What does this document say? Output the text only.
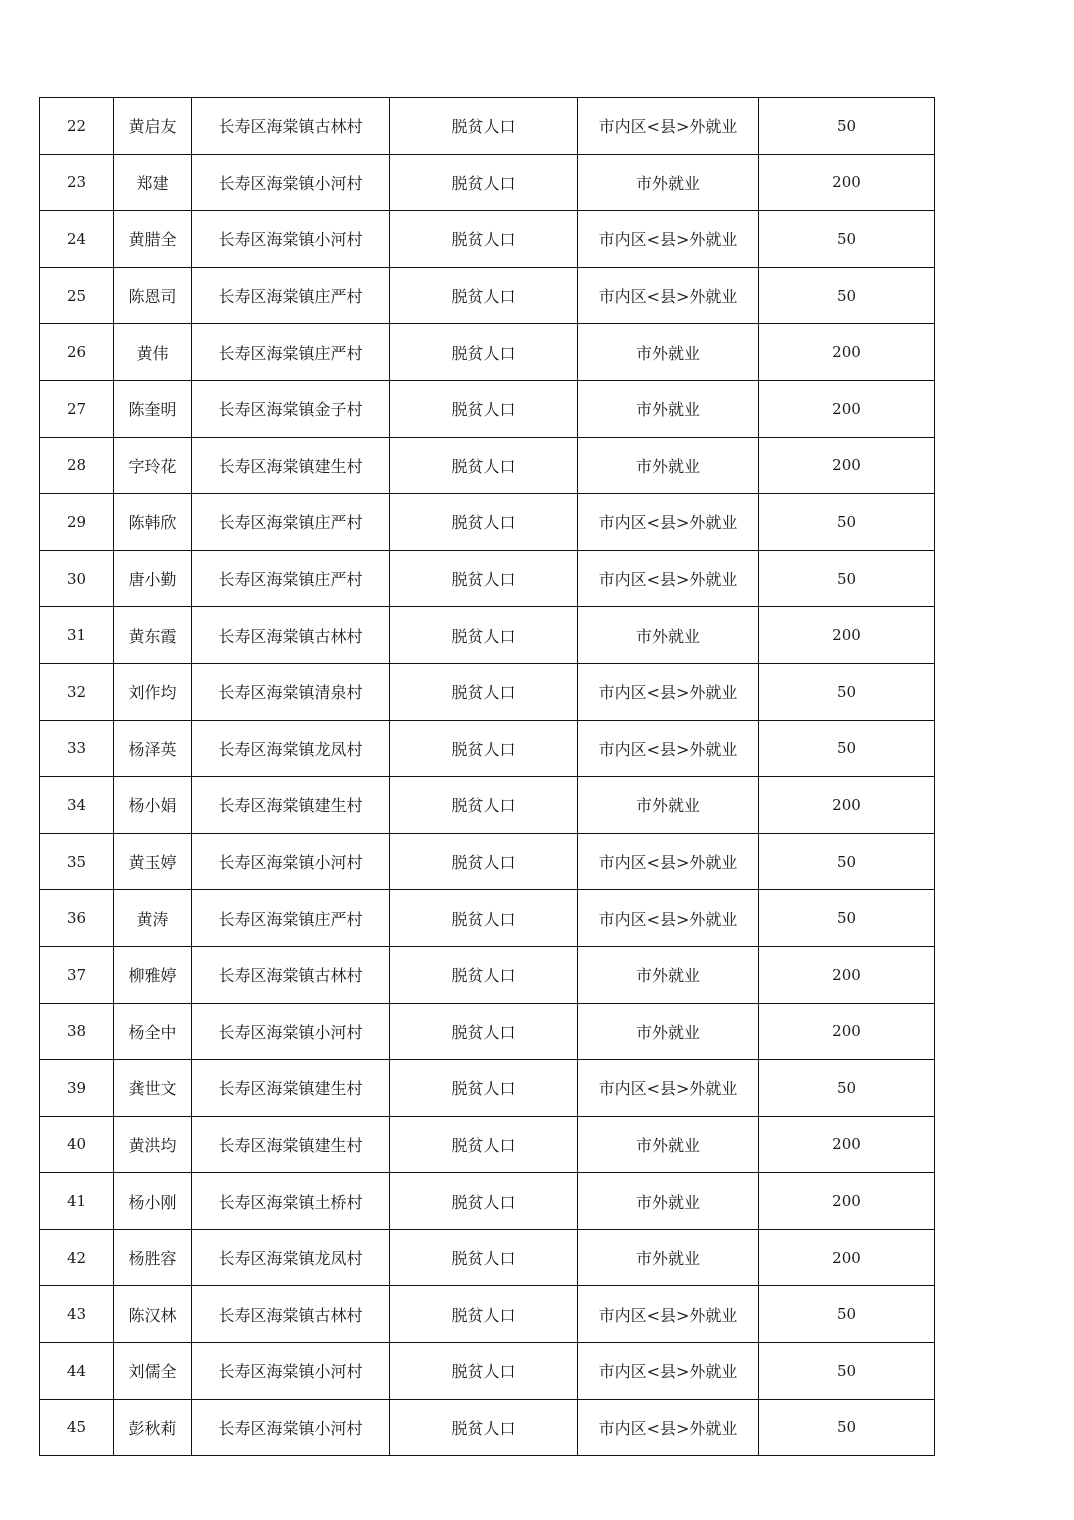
22	黄启友	长寿区海棠镇古林村	脱贫人口	市内区<县>外就业	50
23	郑建	长寿区海棠镇小河村	脱贫人口	市外就业	200
24	黄腊全	长寿区海棠镇小河村	脱贫人口	市内区<县>外就业	50
25	陈恩司	长寿区海棠镇庄严村	脱贫人口	市内区<县>外就业	50
26	黄伟	长寿区海棠镇庄严村	脱贫人口	市外就业	200
27	陈奎明	长寿区海棠镇金子村	脱贫人口	市外就业	200
28	字玲花	长寿区海棠镇建生村	脱贫人口	市外就业	200
29	陈韩欣	长寿区海棠镇庄严村	脱贫人口	市内区<县>外就业	50
30	唐小勤	长寿区海棠镇庄严村	脱贫人口	市内区<县>外就业	50
31	黄东霞	长寿区海棠镇古林村	脱贫人口	市外就业	200
32	刘作均	长寿区海棠镇清泉村	脱贫人口	市内区<县>外就业	50
33	杨泽英	长寿区海棠镇龙凤村	脱贫人口	市内区<县>外就业	50
34	杨小娟	长寿区海棠镇建生村	脱贫人口	市外就业	200
35	黄玉婷	长寿区海棠镇小河村	脱贫人口	市内区<县>外就业	50
36	黄涛	长寿区海棠镇庄严村	脱贫人口	市内区<县>外就业	50
37	柳雅婷	长寿区海棠镇古林村	脱贫人口	市外就业	200
38	杨全中	长寿区海棠镇小河村	脱贫人口	市外就业	200
39	龚世文	长寿区海棠镇建生村	脱贫人口	市内区<县>外就业	50
40	黄洪均	长寿区海棠镇建生村	脱贫人口	市外就业	200
41	杨小刚	长寿区海棠镇土桥村	脱贫人口	市外就业	200
42	杨胜容	长寿区海棠镇龙凤村	脱贫人口	市外就业	200
43	陈汉林	长寿区海棠镇古林村	脱贫人口	市内区<县>外就业	50
44	刘儒全	长寿区海棠镇小河村	脱贫人口	市内区<县>外就业	50
45	彭秋莉	长寿区海棠镇小河村	脱贫人口	市内区<县>外就业	50
